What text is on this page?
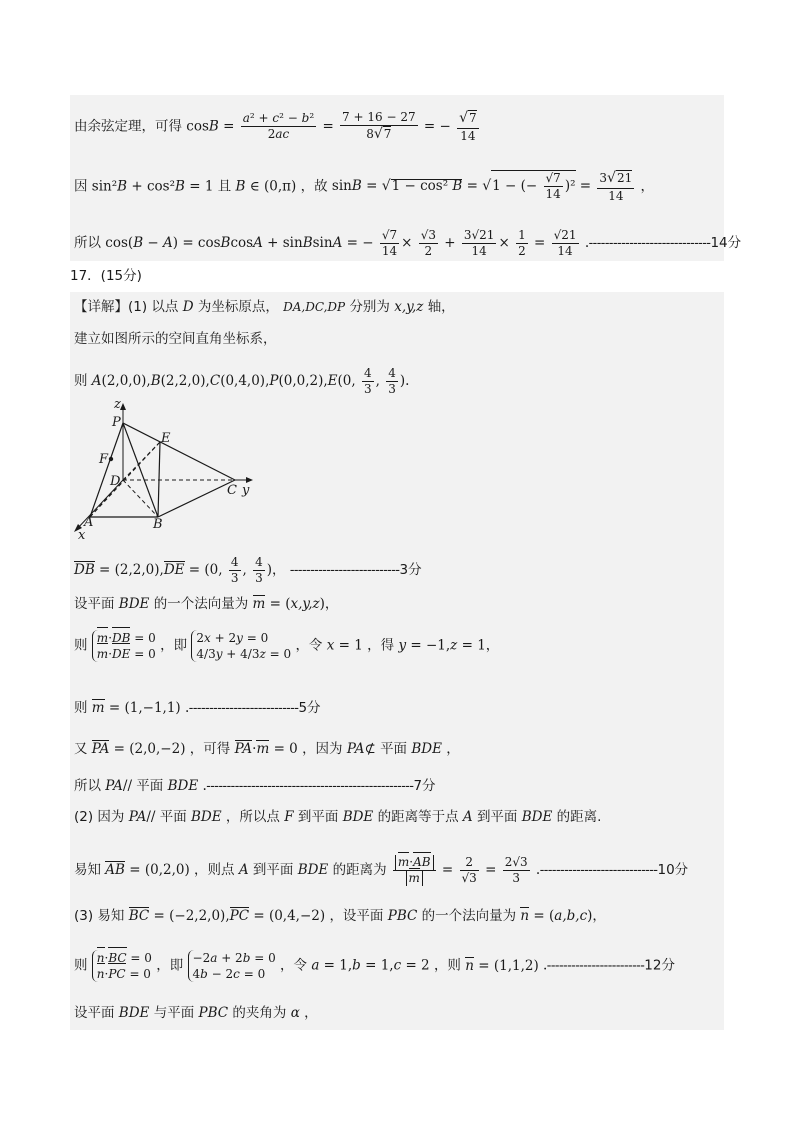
由余弦定理，可得 $\cos B = \frac{\text{a² + c² − b²}}{2ac} = \frac{7 + 16 - 27}{8√7}$ = − $\frac{√7}{14}$
因 sin²B + cos²B = 1 且 B ∈ (0,π) ，故 sinB = √1 − cos² B = √1 − (− $\frac{√7}{14} )^2 = \frac{3√21}{14}$ ，
所以 cos(B − A) = cosBcosA + sinBsinA = − $\frac{√7}{14} \times \frac{√3}{2} + \frac{3√21}{14} \times \frac{1}{2} = \frac{√21}{14} .------------------------------14$分
17．(15分)
【详解】(1) 以点 D 为坐标原点， DA,DC,DP 分别为 x,y,z 轴，
建立如图所示的空间直角坐标系，
则 A(2,0,0),B(2,2,0),C(0,4,0),P(0,0,2),E(0, $\frac{4}{3}$ , $\frac{4}{3}$ ).
z
P
E
F
D
C y
A	B
x
DB = (2,2,0),DE = (0, $\frac{4}{3}$ , $\frac{4}{3}$ )， ---------------------------3分
设平面 BDE 的一个法向量为 m = (x,y,z)，
则 m·DB = 0
m·DE = 0 ，即 2x + 2y = 0
4/3y + 4/3z = 0 ，令 x = 1 ，得 y = −1,z = 1，
则 m = (1,−1,1) .---------------------------5分
又 PA = (2,0,−2) ，可得 PA·m = 0 ，因为 PA⊄ 平面 BDE ，
所以 PA// 平面 BDE .---------------------------------------------------7分
(2) 因为 PA// 平面 BDE ，所以点 F 到平面 BDE 的距离等于点 A 到平面 BDE 的距离.
易知 AB = (0,2,0) ，则点 A 到平面 BDE 的距离为 $\frac{m\cdot AB}{m} = \frac{2}{√3} = \frac{2√3}{3} .-----------------------------10$分
(3) 易知 BC = (−2,2,0),PC = (0,4,−2) ，设平面 PBC 的一个法向量为 n = (a,b,c)，
则 n·BC = 0
n·PC = 0 ，即 −2a + 2b = 0
4b − 2c = 0 ，令 a = 1,b = 1,c = 2 ，则 n = (1,1,2) .------------------------12分
设平面 BDE 与平面 PBC 的夹角为 α ，
